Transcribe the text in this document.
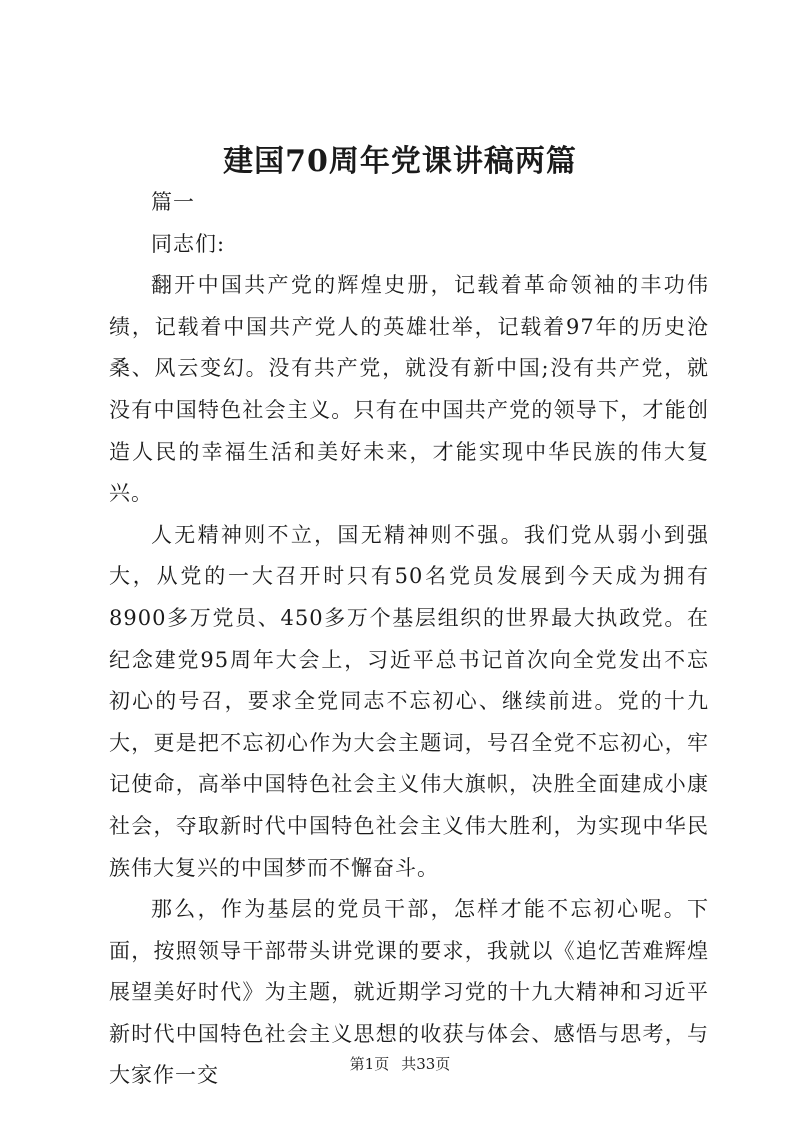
建国70周年党课讲稿两篇

篇一

同志们:

翻开中国共产党的辉煌史册，记载着革命领袖的丰功伟绩，记载着中国共产党人的英雄壮举，记载着97年的历史沧桑、风云变幻。没有共产党，就没有新中国;没有共产党，就没有中国特色社会主义。只有在中国共产党的领导下，才能创造人民的幸福生活和美好未来，才能实现中华民族的伟大复兴。

人无精神则不立，国无精神则不强。我们党从弱小到强大，从党的一大召开时只有50名党员发展到今天成为拥有8900多万党员、450多万个基层组织的世界最大执政党。在纪念建党95周年大会上，习近平总书记首次向全党发出不忘初心的号召，要求全党同志不忘初心、继续前进。党的十九大，更是把不忘初心作为大会主题词，号召全党不忘初心，牢记使命，高举中国特色社会主义伟大旗帜，决胜全面建成小康社会，夺取新时代中国特色社会主义伟大胜利，为实现中华民族伟大复兴的中国梦而不懈奋斗。

那么，作为基层的党员干部，怎样才能不忘初心呢。下面，按照领导干部带头讲党课的要求，我就以《追忆苦难辉煌展望美好时代》为主题，就近期学习党的十九大精神和习近平新时代中国特色社会主义思想的收获与体会、感悟与思考，与大家作一交	第1页 共33页
